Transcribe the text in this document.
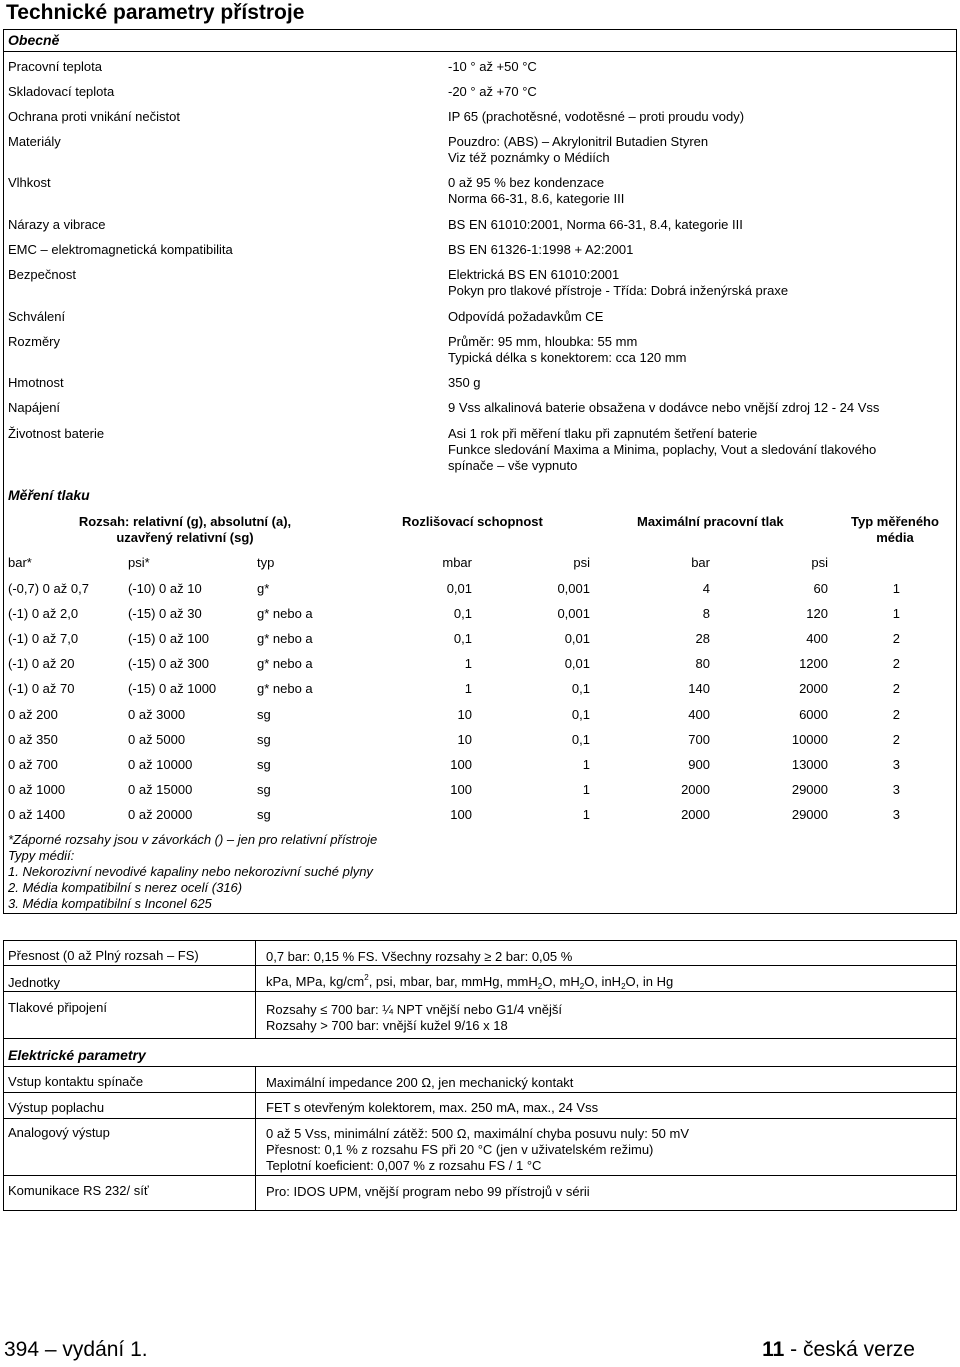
Technické parametry přístroje
Obecně
Pracovní teplota	-10 ° až +50 °C
Skladovací teplota	-20 ° až +70 °C
Ochrana proti vnikání nečistot	IP 65 (prachotěsné, vodotěsné – proti proudu vody)
Materiály	Pouzdro: (ABS) – Akrylonitril Butadien Styren
Viz též poznámky o Médiích
Vlhkost	0 až 95 % bez kondenzace
Norma 66-31, 8.6, kategorie III
Nárazy a vibrace	BS EN 61010:2001, Norma 66-31, 8.4, kategorie III
EMC – elektromagnetická kompatibilita	BS EN 61326-1:1998 + A2:2001
Bezpečnost	Elektrická BS EN 61010:2001
Pokyn pro tlakové přístroje - Třída: Dobrá inženýrská praxe
Schválení	Odpovídá požadavkům CE
Rozměry	Průměr: 95 mm, hloubka: 55 mm
Typická délka s konektorem: cca 120 mm
Hmotnost	350 g
Napájení	9 Vss alkalinová baterie obsažena v dodávce nebo vnější zdroj 12 - 24 Vss
Životnost baterie	Asi 1 rok při měření tlaku při zapnutém šetření baterie
Funkce sledování Maxima a Minima, poplachy, Vout a sledování tlakového
spínače – vše vypnuto
Měření tlaku
Rozsah: relativní (g), absolutní (a),
uzavřený relativní (sg)
Rozlišovací schopnost	Maximální pracovní tlak	Typ měřeného
média
bar*	psi*	typ	mbar	psi	bar	psi
(-0,7) 0 až 0,7	(-10) 0 až 10	g*	0,01	0,001	4	60	1
(-1) 0 až 2,0	(-15) 0 až 30	g* nebo a	0,1	0,001	8	120	1
(-1) 0 až 7,0	(-15) 0 až 100	g* nebo a	0,1	0,01	28	400	2
(-1) 0 až 20	(-15) 0 až 300	g* nebo a	1	0,01	80	1200	2
(-1) 0 až 70	(-15) 0 až 1000	g* nebo a	1	0,1	140	2000	2
0 až 200	0 až 3000	sg	10	0,1	400	6000	2
0 až 350	0 až 5000	sg	10	0,1	700	10000	2
0 až 700	0 až 10000	sg	100	1	900	13000	3
0 až 1000	0 až 15000	sg	100	1	2000	29000	3
0 až 1400	0 až 20000	sg	100	1	2000	29000	3
*Záporné rozsahy jsou v závorkách () – jen pro relativní přístroje
Typy médií:
1. Nekorozivní nevodivé kapaliny nebo nekorozivní suché plyny
2. Média kompatibilní s nerez ocelí (316)
3. Média kompatibilní s Inconel 625
Přesnost (0 až Plný rozsah – FS)	0,7 bar: 0,15 % FS. Všechny rozsahy ≥ 2 bar: 0,05 %
Jednotky	kPa, MPa, $kg/cm^2$, psi, mbar, bar, mmHg, mmH$_2$O, $mH_2O$, inH$_2$O, in Hg
Tlakové připojení	Rozsahy ≤ 700 bar: ¼ NPT vnější nebo G1/4 vnější
Rozsahy > 700 bar: vnější kužel 9/16 x 18
Elektrické parametry
Vstup kontaktu spínače	Maximální impedance 200 Ω, jen mechanický kontakt
Výstup poplachu	FET s otevřeným kolektorem, max. 250 mA, max., 24 Vss
Analogový výstup	0 až 5 Vss, minimální zátěž: 500 Ω, maximální chyba posuvu nuly: 50 mV
Přesnost: 0,1 % z rozsahu FS při 20 °C (jen v uživatelském režimu)
Teplotní koeficient: 0,007 % z rozsahu FS / 1 °C
Komunikace RS 232/ síť	Pro: IDOS UPM, vnější program nebo 99 přístrojů v sérii
394 – vydání 1.	11 - česká verze
